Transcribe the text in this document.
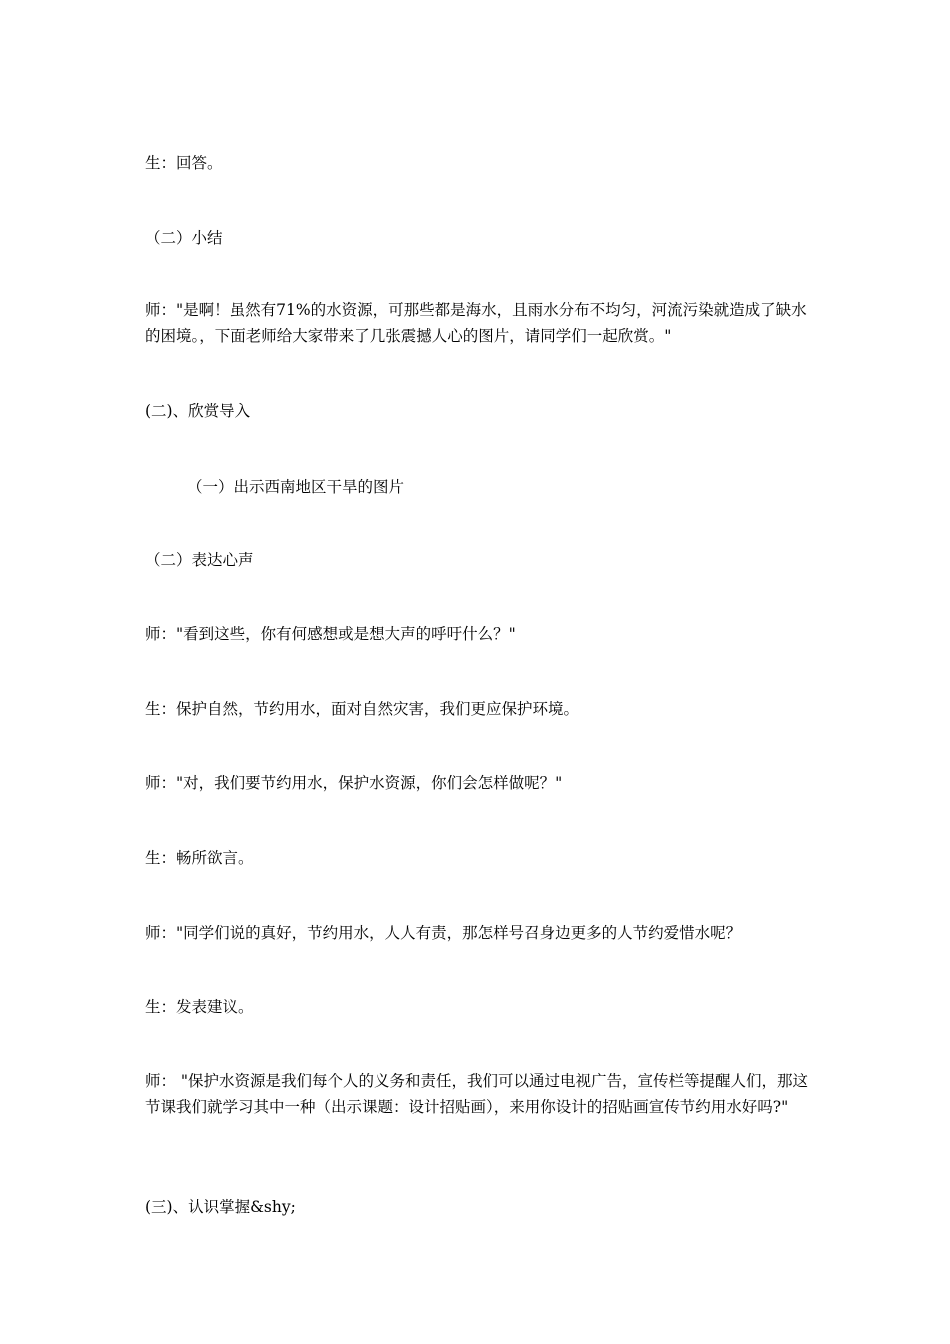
生：回答。
（二）小结
师："是啊！虽然有71%的水资源，可那些都是海水，且雨水分布不均匀，河流污染就造成了缺水的困境。，下面老师给大家带来了几张震撼人心的图片，请同学们一起欣赏。"
(二)、欣赏导入
（一）出示西南地区干旱的图片
（二）表达心声
师："看到这些，你有何感想或是想大声的呼吁什么？"
生：保护自然，节约用水，面对自然灾害，我们更应保护环境。
师："对，我们要节约用水，保护水资源，你们会怎样做呢？"
生：畅所欲言。
师："同学们说的真好，节约用水，人人有责，那怎样号召身边更多的人节约爱惜水呢？
生：发表建议。
师： "保护水资源是我们每个人的义务和责任，我们可以通过电视广告，宣传栏等提醒人们，那这节课我们就学习其中一种（出示课题：设计招贴画），来用你设计的招贴画宣传节约用水好吗?"
(三)、认识掌握&shy;
